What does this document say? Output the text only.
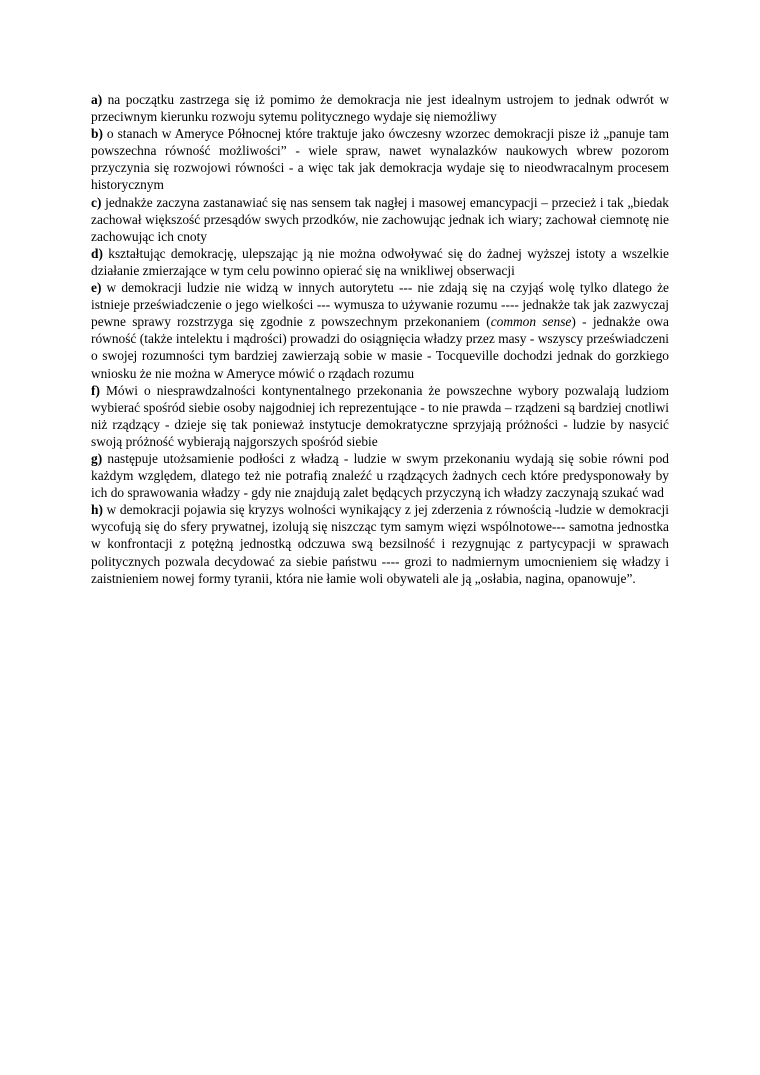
a) na początku zastrzega się iż pomimo że demokracja nie jest idealnym ustrojem to jednak odwrót w przeciwnym kierunku rozwoju sytemu politycznego wydaje się niemożliwy

b) o stanach w Ameryce Północnej które traktuje jako ówczesny wzorzec demokracji pisze iż „panuje tam powszechna równość możliwości” - wiele spraw, nawet wynalazków naukowych wbrew pozorom przyczynia się rozwojowi równości - a więc tak jak demokracja wydaje się to nieodwracalnym procesem historycznym

c) jednakże zaczyna zastanawiać się nas sensem tak nagłej i masowej emancypacji – przecież i tak „biedak zachował większość przesądów swych przodków, nie zachowując jednak ich wiary; zachował ciemnotę nie zachowując ich cnoty

d) kształtując demokrację, ulepszając ją nie można odwoływać się do żadnej wyższej istoty a wszelkie działanie zmierzające w tym celu powinno opierać się na wnikliwej obserwacji

e) w demokracji ludzie nie widzą w innych autorytetu --- nie zdają się na czyjąś wolę tylko dlatego że istnieje przeświadczenie o jego wielkości --- wymusza to używanie rozumu ---- jednakże tak jak zazwyczaj pewne sprawy rozstrzyga się zgodnie z powszechnym przekonaniem (common sense) - jednakże owa równość (także intelektu i mądrości) prowadzi do osiągnięcia władzy przez masy - wszyscy przeświadczeni o swojej rozumności tym bardziej zawierzają sobie w masie - Tocqueville dochodzi jednak do gorzkiego wniosku że nie można w Ameryce mówić o rządach rozumu

f) Mówi o niesprawdzalności kontynentalnego przekonania że powszechne wybory pozwalają ludziom wybierać spośród siebie osoby najgodniej ich reprezentujące - to nie prawda – rządzeni są bardziej cnotliwi niż rządzący - dzieje się tak ponieważ instytucje demokratyczne sprzyjają próżności - ludzie by nasycić swoją próżność wybierają najgorszych spośród siebie

g) następuje utożsamienie podłości z władzą - ludzie w swym przekonaniu wydają się sobie równi pod każdym względem, dlatego też nie potrafią znaleźć u rządzących żadnych cech które predysponowały by ich do sprawowania władzy - gdy nie znajdują zalet będących przyczyną ich władzy zaczynają szukać wad

h) w demokracji pojawia się kryzys wolności wynikający z jej zderzenia z równością -ludzie w demokracji wycofują się do sfery prywatnej, izolują się niszcząc tym samym więzi wspólnotowe--- samotna jednostka w konfrontacji z potężną jednostką odczuwa swą bezsilność i rezygnując z partycypacji w sprawach politycznych pozwala decydować za siebie państwu ---- grozi to nadmiernym umocnieniem się władzy i zaistnieniem nowej formy tyranii, która nie łamie woli obywateli ale ją „osłabia, nagina, opanowuje”.
